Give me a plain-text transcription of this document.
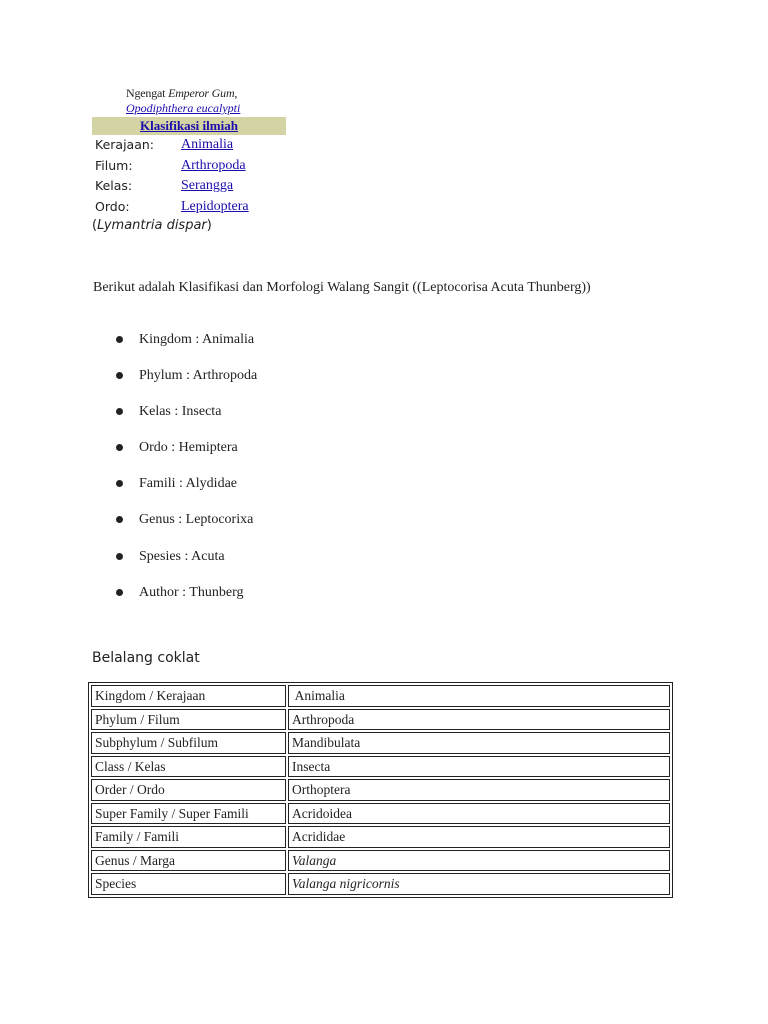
Ngengat Emperor Gum,
Opodiphthera eucalypti
Klasifikasi ilmiah
Kerajaan:	Animalia
Filum:	Arthropoda
Kelas:	Serangga
Ordo:	Lepidoptera
(Lymantria dispar)
Berikut adalah Klasifikasi dan Morfologi Walang Sangit ((Leptocorisa Acuta Thunberg))
Kingdom : Animalia
Phylum : Arthropoda
Kelas : Insecta
Ordo : Hemiptera
Famili : Alydidae
Genus : Leptocorixa
Spesies : Acuta
Author : Thunberg
Belalang coklat
Kingdom / Kerajaan	Animalia
Phylum / Filum	Arthropoda
Subphylum / Subfilum	Mandibulata
Class / Kelas	Insecta
Order / Ordo	Orthoptera
Super Family / Super Famili	Acridoidea
Family / Famili	Acrididae
Genus / Marga	Valanga
Species	Valanga nigricornis
